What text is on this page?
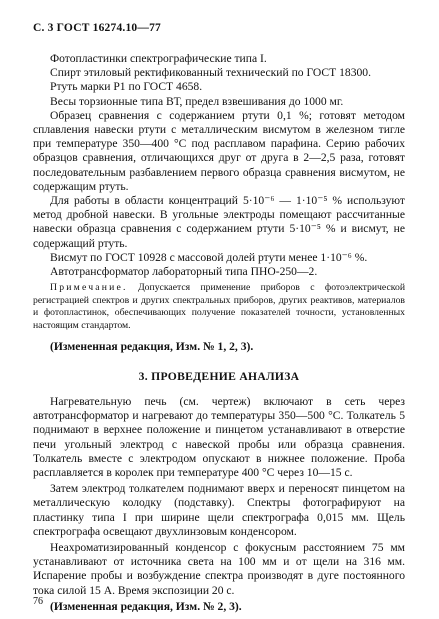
С. 3 ГОСТ 16274.10—77

Фотопластинки спектрографические типа I.

Спирт этиловый ректификованный технический по ГОСТ 18300.

Ртуть марки Р1 по ГОСТ 4658.

Весы торзионные типа ВТ, предел взвешивания до 1000 мг.

Образец сравнения с содержанием ртути 0,1 %; готовят методом сплавления навески ртути с металлическим висмутом в железном тигле при температуре 350—400 °С под расплавом парафина. Серию рабочих образцов сравнения, отличающихся друг от друга в 2—2,5 раза, готовят последовательным разбавлением первого образца сравнения висмутом, не содержащим ртуть.

Для работы в области концентраций 5·10⁻⁶ — 1·10⁻⁵ % используют метод дробной навески. В угольные электроды помещают рассчитанные навески образца сравнения с содержанием ртути 5·10⁻⁵ % и висмут, не содержащий ртуть.

Висмут по ГОСТ 10928 с массовой долей ртути менее 1·10⁻⁶ %.

Автотрансформатор лабораторный типа ПНО-250—2.

Примечание. Допускается применение приборов с фотоэлектрической регистрацией спектров и других спектральных приборов, других реактивов, материалов и фотопластинок, обеспечивающих получение показателей точности, установленных настоящим стандартом.

(Измененная редакция, Изм. № 1, 2, 3).

3. ПРОВЕДЕНИЕ АНАЛИЗА

Нагревательную печь (см. чертеж) включают в сеть через автотрансформатор и нагревают до температуры 350—500 °С. Толкатель 5 поднимают в верхнее положение и пинцетом устанавливают в отверстие печи угольный электрод с навеской пробы или образца сравнения. Толкатель вместе с электродом опускают в нижнее положение. Проба расплавляется в королек при температуре 400 °С через 10—15 с.

Затем электрод толкателем поднимают вверх и переносят пинцетом на металлическую колодку (подставку). Спектры фотографируют на пластинку типа I при ширине щели спектрографа 0,015 мм. Щель спектрографа освещают двухлинзовым конденсором.

Неахроматизированный конденсор с фокусным расстоянием 75 мм устанавливают от источника света на 100 мм и от щели на 316 мм. Испарение пробы и возбуждение спектра производят в дуге постоянного тока силой 15 А. Время экспозиции 20 с.

(Измененная редакция, Изм. № 2, 3).

76
